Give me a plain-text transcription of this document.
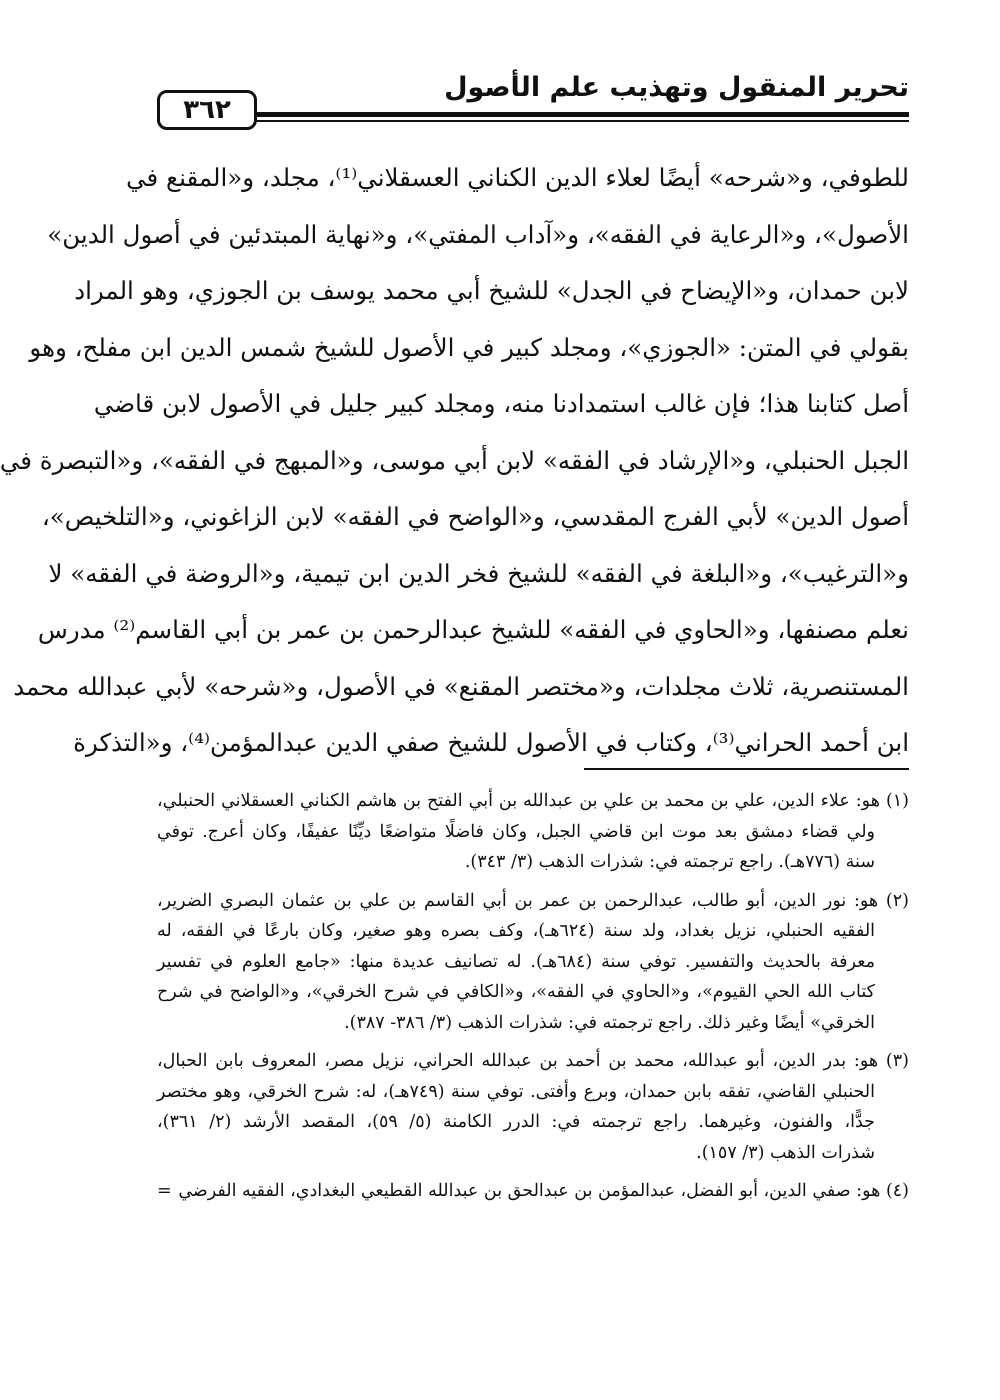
تحرير المنقول وتهذيب علم الأصول
٣٦٢
للطوفي، و«شرحه» أيضًا لعلاء الدين الكناني العسقلاني⁽¹⁾، مجلد، و«المقنع في
الأصول»، و«الرعاية في الفقه»، و«آداب المفتي»، و«نهاية المبتدئين في أصول الدين»
لابن حمدان، و«الإيضاح في الجدل» للشيخ أبي محمد يوسف بن الجوزي، وهو المراد
بقولي في المتن: «الجوزي»، ومجلد كبير في الأصول للشيخ شمس الدين ابن مفلح، وهو
أصل كتابنا هذا؛ فإن غالب استمدادنا منه، ومجلد كبير جليل في الأصول لابن قاضي
الجبل الحنبلي، و«الإرشاد في الفقه» لابن أبي موسى، و«المبهج في الفقه»، و«التبصرة في
أصول الدين» لأبي الفرج المقدسي، و«الواضح في الفقه» لابن الزاغوني، و«التلخيص»،
و«الترغيب»، و«البلغة في الفقه» للشيخ فخر الدين ابن تيمية، و«الروضة في الفقه» لا
نعلم مصنفها، و«الحاوي في الفقه» للشيخ عبدالرحمن بن عمر بن أبي القاسم⁽²⁾ مدرس
المستنصرية، ثلاث مجلدات، و«مختصر المقنع» في الأصول، و«شرحه» لأبي عبدالله محمد
ابن أحمد الحراني⁽³⁾، وكتاب في الأصول للشيخ صفي الدين عبدالمؤمن⁽⁴⁾، و«التذكرة
(١) هو: علاء الدين، علي بن محمد بن علي بن عبدالله بن أبي الفتح بن هاشم الكناني العسقلاني الحنبلي،
ولي قضاء دمشق بعد موت ابن قاضي الجبل، وكان فاضلًا متواضعًا ديِّنًا عفيفًا، وكان أعرج. توفي
سنة (٧٧٦هـ). راجع ترجمته في: شذرات الذهب (٣/ ٣٤٣).
(٢) هو: نور الدين، أبو طالب، عبدالرحمن بن عمر بن أبي القاسم بن علي بن عثمان البصري الضرير،
الفقيه الحنبلي، نزيل بغداد، ولد سنة (٦٢٤هـ)، وكف بصره وهو صغير، وكان بارعًا في الفقه، له
معرفة بالحديث والتفسير. توفي سنة (٦٨٤هـ). له تصانيف عديدة منها: «جامع العلوم في تفسير
كتاب الله الحي القيوم»، و«الحاوي في الفقه»، و«الكافي في شرح الخرقي»، و«الواضح في شرح
الخرقي» أيضًا وغير ذلك. راجع ترجمته في: شذرات الذهب (٣/ ٣٨٦- ٣٨٧).
(٣) هو: بدر الدين، أبو عبدالله، محمد بن أحمد بن عبدالله الحراني، نزيل مصر، المعروف بابن الحبال،
الحنبلي القاضي، تفقه بابن حمدان، وبرع وأفتى. توفي سنة (٧٤٩هـ)، له: شرح الخرقي، وهو مختصر
جدًّا، والفنون، وغيرهما. راجع ترجمته في: الدرر الكامنة (٥/ ٥٩)، المقصد الأرشد (٢/ ٣٦١)،
شذرات الذهب (٣/ ١٥٧).
(٤) هو: صفي الدين، أبو الفضل، عبدالمؤمن بن عبدالحق بن عبدالله القطيعي البغدادي، الفقيه الفرضي
=
